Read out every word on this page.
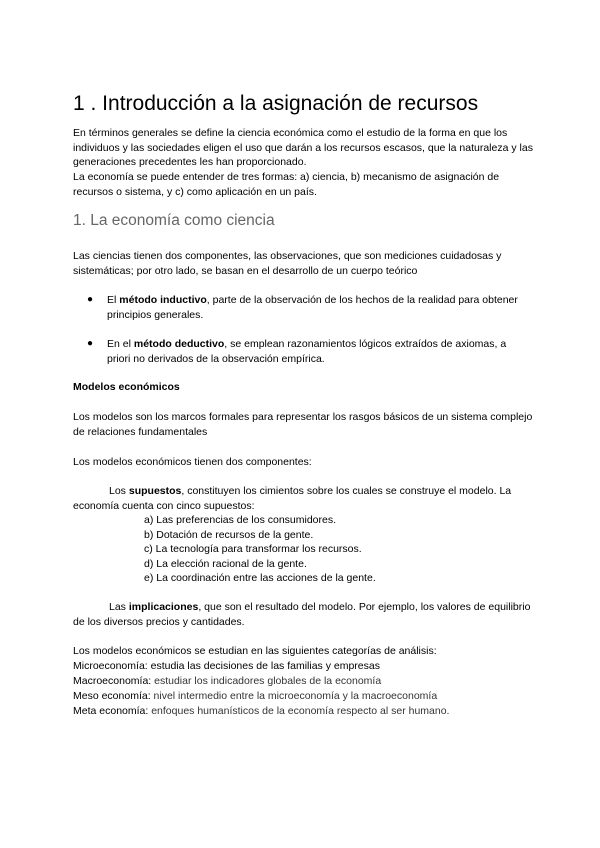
1 . Introducción a la asignación de recursos
En términos generales se define la ciencia económica como el estudio de la forma en que los individuos y las sociedades eligen el uso que darán a los recursos escasos, que la naturaleza y las generaciones precedentes les han proporcionado.
La economía se puede entender de tres formas: a) ciencia, b) mecanismo de asignación de recursos o sistema, y c) como aplicación en un país.
1. La economía como ciencia
Las ciencias tienen dos componentes, las observaciones, que son mediciones cuidadosas y sistemáticas; por otro lado, se basan en el desarrollo de un cuerpo teórico
● El método inductivo, parte de la observación de los hechos de la realidad para obtener principios generales.
● En el método deductivo, se emplean razonamientos lógicos extraídos de axiomas, a priori no derivados de la observación empírica.
Modelos económicos
Los modelos son los marcos formales para representar los rasgos básicos de un sistema complejo de relaciones fundamentales
Los modelos económicos tienen dos componentes:
Los supuestos, constituyen los cimientos sobre los cuales se construye el modelo. La economía cuenta con cinco supuestos:
a) Las preferencias de los consumidores.
b) Dotación de recursos de la gente.
c) La tecnología para transformar los recursos.
d) La elección racional de la gente.
e) La coordinación entre las acciones de la gente.
Las implicaciones, que son el resultado del modelo. Por ejemplo, los valores de equilibrio de los diversos precios y cantidades.
Los modelos económicos se estudian en las siguientes categorías de análisis:
Microeconomía: estudia las decisiones de las familias y empresas
Macroeconomía: estudiar los indicadores globales de la economía
Meso economía: nivel intermedio entre la microeconomía y la macroeconomía
Meta economía: enfoques humanísticos de la economía respecto al ser humano.
